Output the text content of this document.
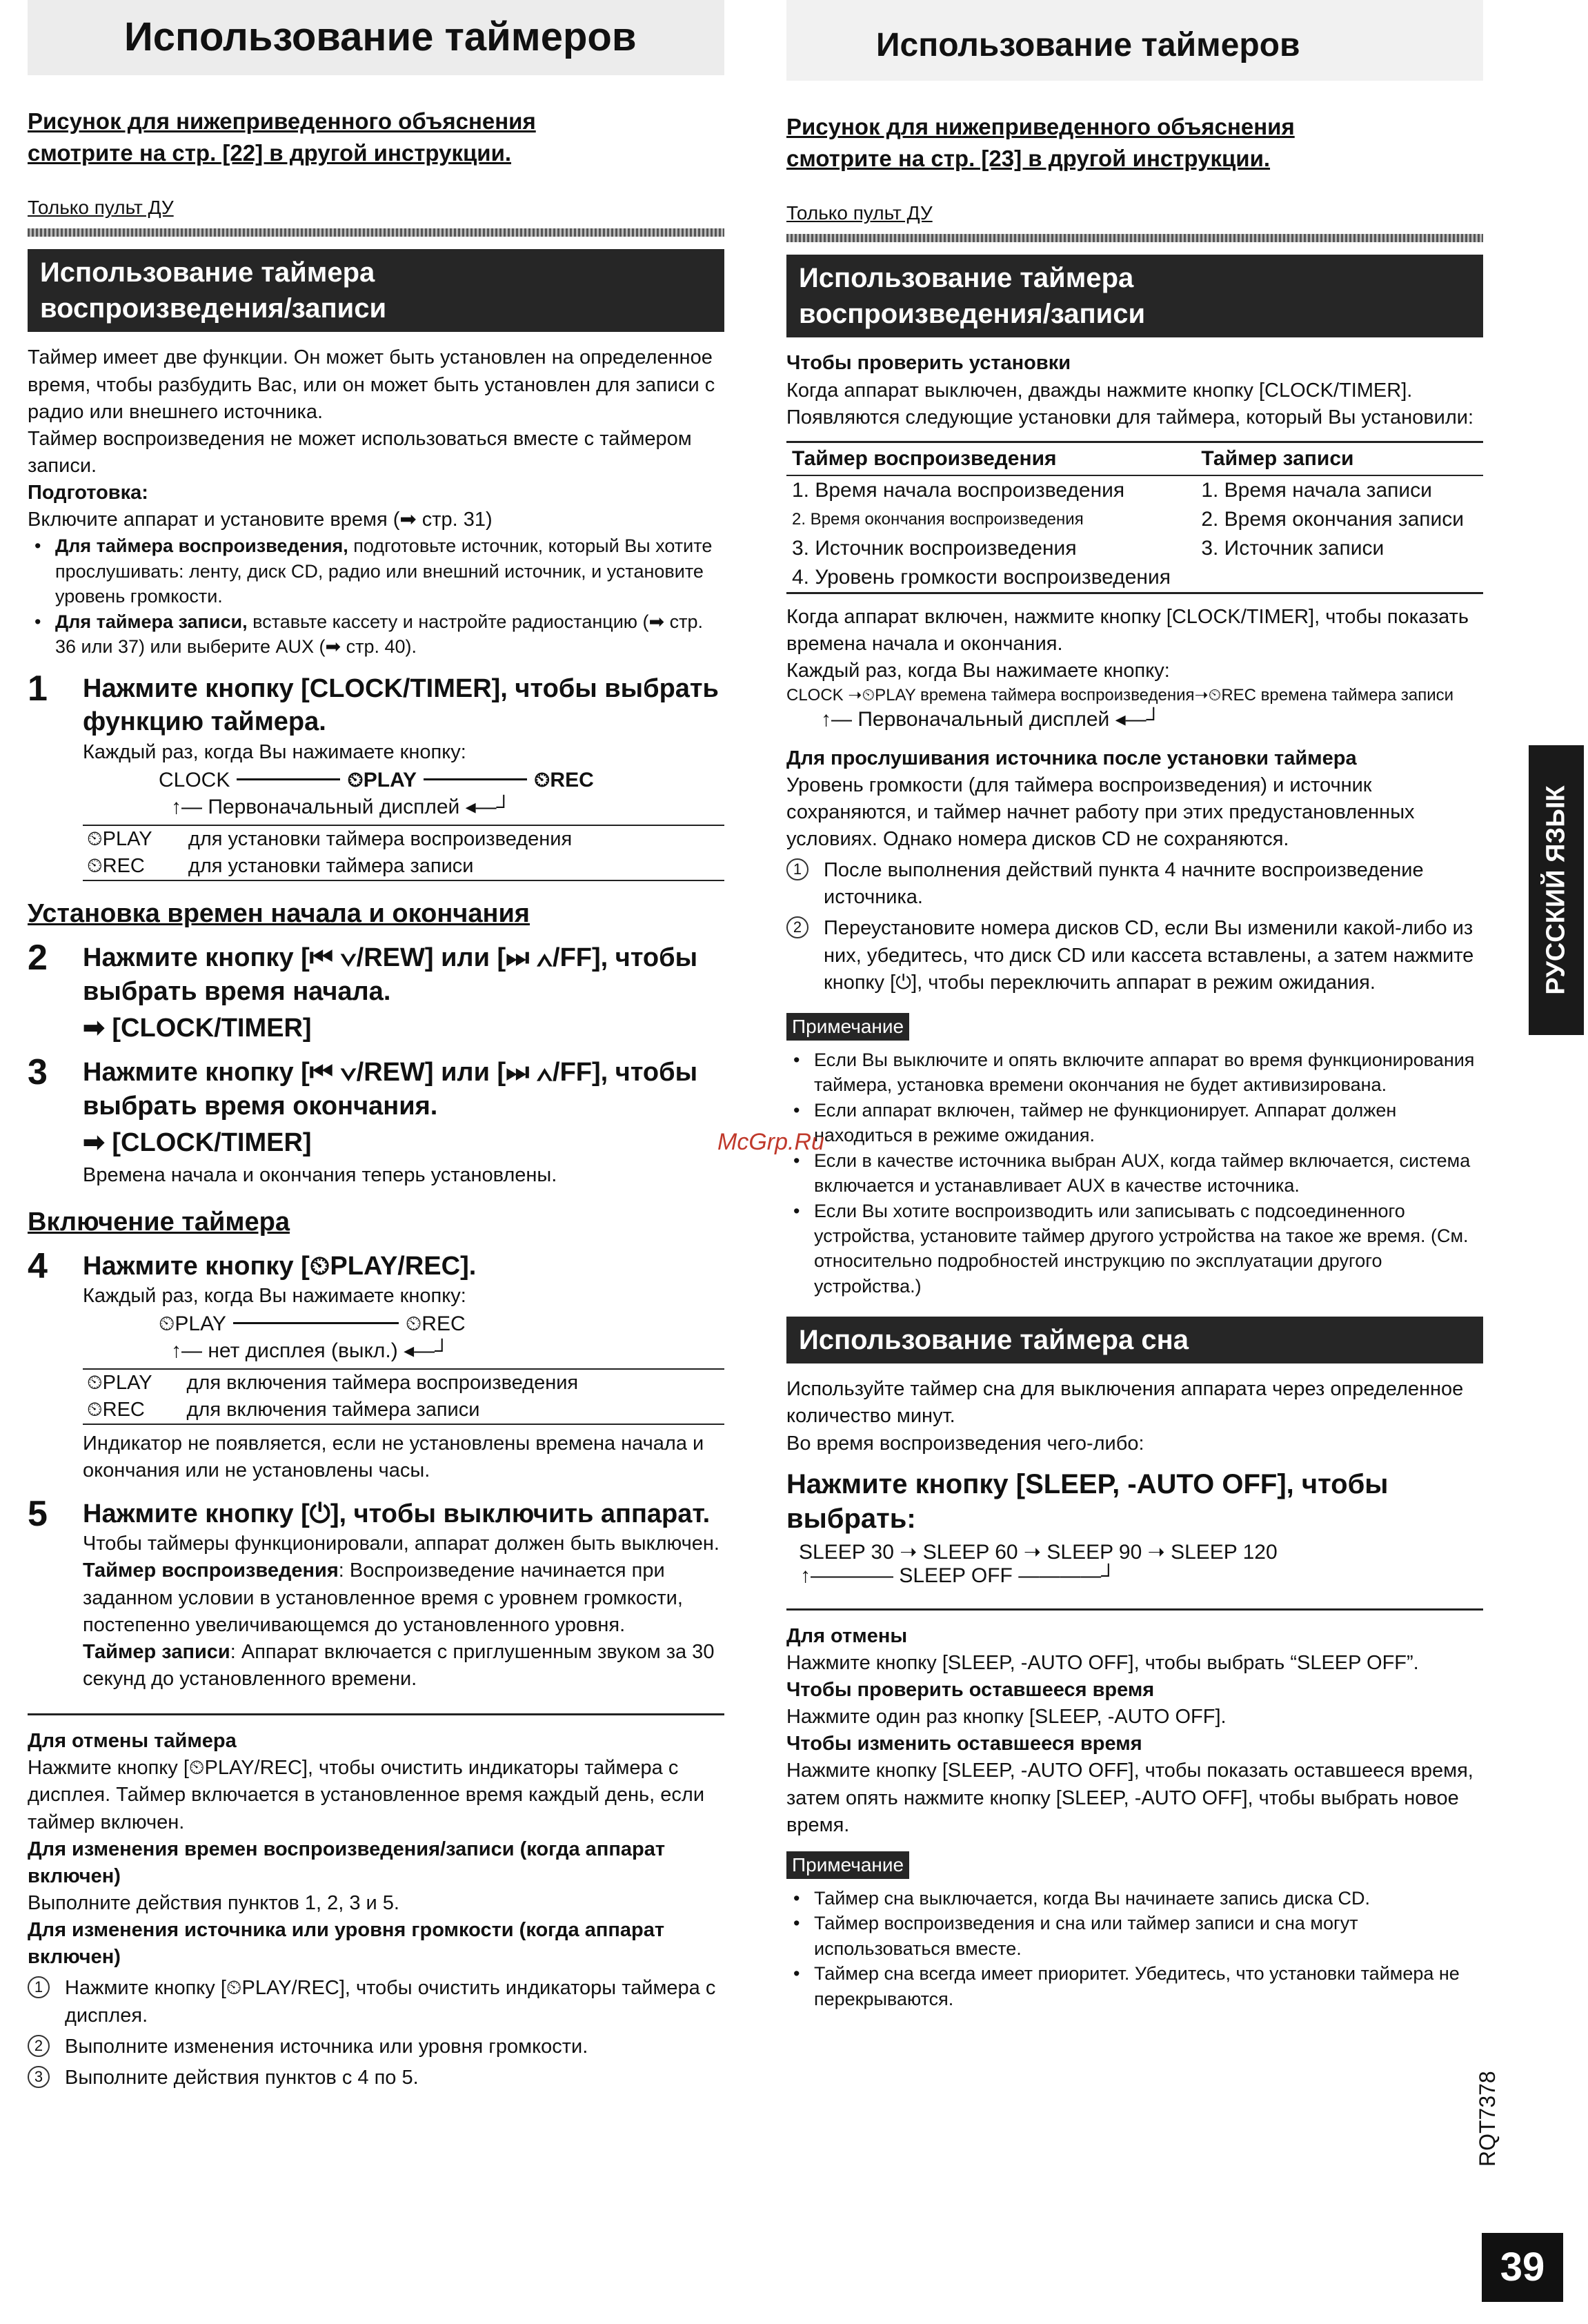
Использование таймеров
Рисунок для нижеприведенного объяснения
смотрите на стр. [22] в другой инструкции.
Только пульт ДУ
Использование таймера
воспроизведения/записи

Таймер имеет две функции. Он может быть установлен на определенное время, чтобы разбудить Вас, или он может быть установлен для записи с радио или внешнего источника.

Таймер воспроизведения не может использоваться вместе с таймером записи.

Подготовка:

Включите аппарат и установите время (➡ стр. 31)

• Для таймера воспроизведения, подготовьте источник, который Вы хотите прослушивать: ленту, диск CD, радио или внешний источник, и установите уровень громкости.

• Для таймера записи, вставьте кассету и настройте радиостанцию (➡ стр. 36 или 37) или выберите AUX (➡ стр. 40).

1 Нажмите кнопку [CLOCK/TIMER], чтобы выбрать функцию таймера.

Каждый раз, когда Вы нажимаете кнопку:

CLOCK	⏲PLAY	⏲REC
↑— Первоначальный дисплей ◂—┘
⏲PLAY	для установки таймера воспроизведения
⏲REC	для установки таймера записи
Установка времен начала и окончания
2 Нажмите кнопку [⏮ ∨/REW] или [⏭ ∧/FF], чтобы выбрать время начала.

➡ [CLOCK/TIMER]
3 Нажмите кнопку [⏮ ∨/REW] или [⏭ ∧/FF], чтобы выбрать время окончания.

➡ [CLOCK/TIMER]

Времена начала и окончания теперь установлены.

Включение таймера
4 Нажмите кнопку [⏲PLAY/REC].

Каждый раз, когда Вы нажимаете кнопку:

⏲PLAY	⏲REC
↑— нет дисплея (выкл.) ◂—┘
⏲PLAY	для включения таймера воспроизведения
⏲REC	для включения таймера записи

Индикатор не появляется, если не установлены времена начала и окончания или не установлены часы.

5 Нажмите кнопку [⏻], чтобы выключить аппарат.

Чтобы таймеры функционировали, аппарат должен быть выключен.

Таймер воспроизведения: Воспроизведение начинается при заданном условии в установленное время с уровнем громкости, постепенно увеличивающемся до установленного уровня.

Таймер записи: Аппарат включается с приглушенным звуком за 30 секунд до установленного времени.

Для отмены таймера

Нажмите кнопку [⏲PLAY/REC], чтобы очистить индикаторы таймера с дисплея. Таймер включается в установленное время каждый день, если таймер включен.

Для изменения времен воспроизведения/записи (когда аппарат включен)

Выполните действия пунктов 1, 2, 3 и 5.

Для изменения источника или уровня громкости (когда аппарат включен)

1	Нажмите кнопку [⏲PLAY/REC], чтобы очистить индикаторы таймера с дисплея.

2	Выполните изменения источника или уровня громкости.

3	Выполните действия пунктов с 4 по 5.

Использование таймеров
Рисунок для нижеприведенного объяснения
смотрите на стр. [23] в другой инструкции.
Только пульт ДУ
Использование таймера
воспроизведения/записи

Чтобы проверить установки

Когда аппарат выключен, дважды нажмите кнопку [CLOCK/TIMER].

Появляются следующие установки для таймера, который Вы установили:

Таймер воспроизведения	Таймер записи
1. Время начала воспроизведения	1. Время начала записи
2. Время окончания воспроизведения	2. Время окончания записи
3. Источник воспроизведения	3. Источник записи
4. Уровень громкости воспроизведения	

Когда аппарат включен, нажмите кнопку [CLOCK/TIMER], чтобы показать времена начала и окончания.

Каждый раз, когда Вы нажимаете кнопку:

CLOCK ➝⏲PLAY времена таймера воспроизведения➝⏲REC времена таймера записи

↑— Первоначальный дисплей ◂—┘

Для прослушивания источника после установки таймера

Уровень громкости (для таймера воспроизведения) и источник сохраняются, и таймер начнет работу при этих предустановленных условиях. Однако номера дисков CD не сохраняются.

1	После выполнения действий пункта 4 начните воспроизведение источника.

2	Переустановите номера дисков CD, если Вы изменили какой-либо из них, убедитесь, что диск CD или кассета вставлены, а затем нажмите кнопку [⏻], чтобы переключить аппарат в режим ожидания.

Примечание

• Если Вы выключите и опять включите аппарат во время функционирования таймера, установка времени окончания не будет активизирована.

• Если аппарат включен, таймер не функционирует. Аппарат должен находиться в режиме ожидания.

• Если в качестве источника выбран AUX, когда таймер включается, система включается и устанавливает AUX в качестве источника.

• Если Вы хотите воспроизводить или записывать с подсоединенного устройства, установите таймер другого устройства на такое же время. (См. относительно подробностей инструкцию по эксплуатации другого устройства.)

Использование таймера сна

Используйте таймер сна для выключения аппарата через определенное количество минут.

Во время воспроизведения чего-либо:

Нажмите кнопку [SLEEP, -AUTO OFF], чтобы выбрать:

SLEEP 30 ➝ SLEEP 60 ➝ SLEEP 90 ➝ SLEEP 120
↑———— SLEEP OFF ————┘

Для отмены

Нажмите кнопку [SLEEP, -AUTO OFF], чтобы выбрать “SLEEP OFF”.

Чтобы проверить оставшееся время

Нажмите один раз кнопку [SLEEP, -AUTO OFF].

Чтобы изменить оставшееся время

Нажмите кнопку [SLEEP, -AUTO OFF], чтобы показать оставшееся время, затем опять нажмите кнопку [SLEEP, -AUTO OFF], чтобы выбрать новое время.

Примечание

• Таймер сна выключается, когда Вы начинаете запись диска CD.

• Таймер воспроизведения и сна или таймер записи и сна могут использоваться вместе.

• Таймер сна всегда имеет приоритет. Убедитесь, что установки таймера не перекрываются.

РУССКИЙ ЯЗЫК
McGrp.Ru
RQT7378
39
